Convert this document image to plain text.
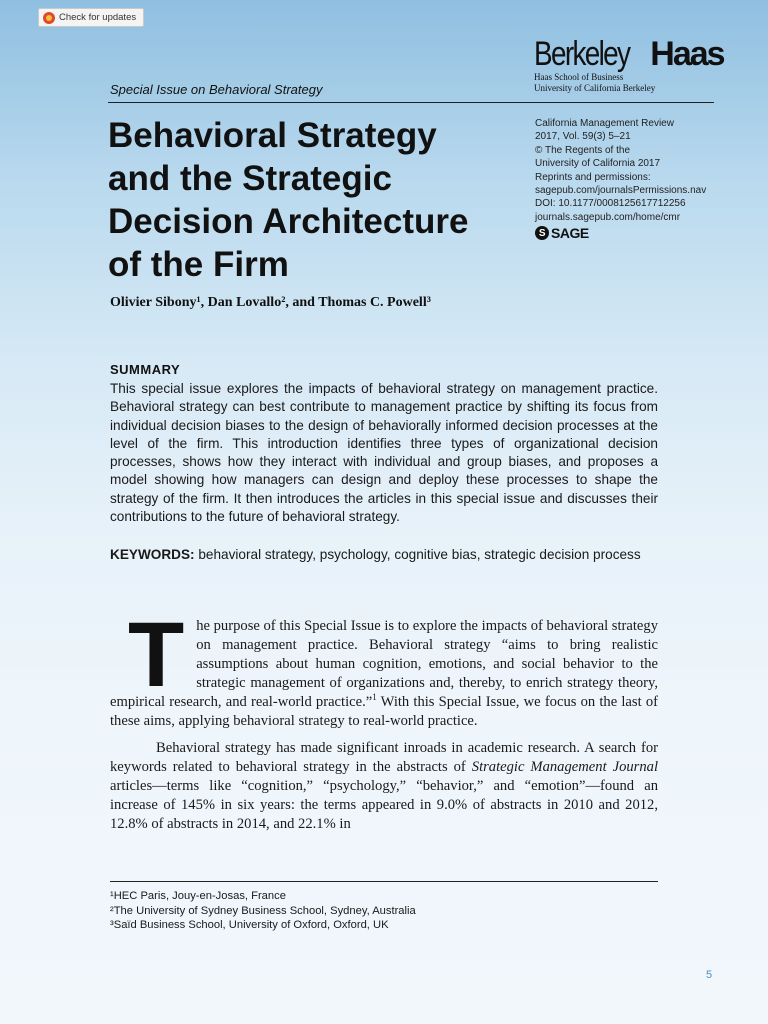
Check for updates
Berkeley Haas
Haas School of Business
University of California Berkeley
Special Issue on Behavioral Strategy
Behavioral Strategy
and the Strategic
Decision Architecture
of the Firm
Olivier Sibony¹, Dan Lovallo², and Thomas C. Powell³
California Management Review
2017, Vol. 59(3) 5–21
© The Regents of the
University of California 2017
Reprints and permissions:
sagepub.com/journalsPermissions.nav
DOI: 10.1177/0008125617712256
journals.sagepub.com/home/cmr
S SAGE
SUMMARY

This special issue explores the impacts of behavioral strategy on management practice. Behavioral strategy can best contribute to management practice by shifting its focus from individual decision biases to the design of behaviorally informed decision processes at the level of the firm. This introduction identifies three types of organizational decision processes, shows how they interact with individual and group biases, and proposes a model showing how managers can design and deploy these processes to shape the strategy of the firm. It then introduces the articles in this special issue and discusses their contributions to the future of behavioral strategy.

KEYWORDS: behavioral strategy, psychology, cognitive bias, strategic decision process

The purpose of this Special Issue is to explore the impacts of behavioral strategy on management practice. Behavioral strategy “aims to bring realistic assumptions about human cognition, emotions, and social behavior to the strategic management of organizations and, thereby, to enrich strategy theory, empirical research, and real-world practice.”$^1$ With this Special Issue, we focus on the last of these aims, applying behavioral strategy to real-world practice.

Behavioral strategy has made significant inroads in academic research. A search for keywords related to behavioral strategy in the abstracts of Strategic Management Journal articles—terms like “cognition,” “psychology,” “behavior,” and “emotion”—found an increase of 145% in six years: the terms appeared in 9.0% of abstracts in 2010 and 2012, 12.8% of abstracts in 2014, and 22.1% in

¹HEC Paris, Jouy-en-Josas, France
²The University of Sydney Business School, Sydney, Australia
³Saïd Business School, University of Oxford, Oxford, UK
5
